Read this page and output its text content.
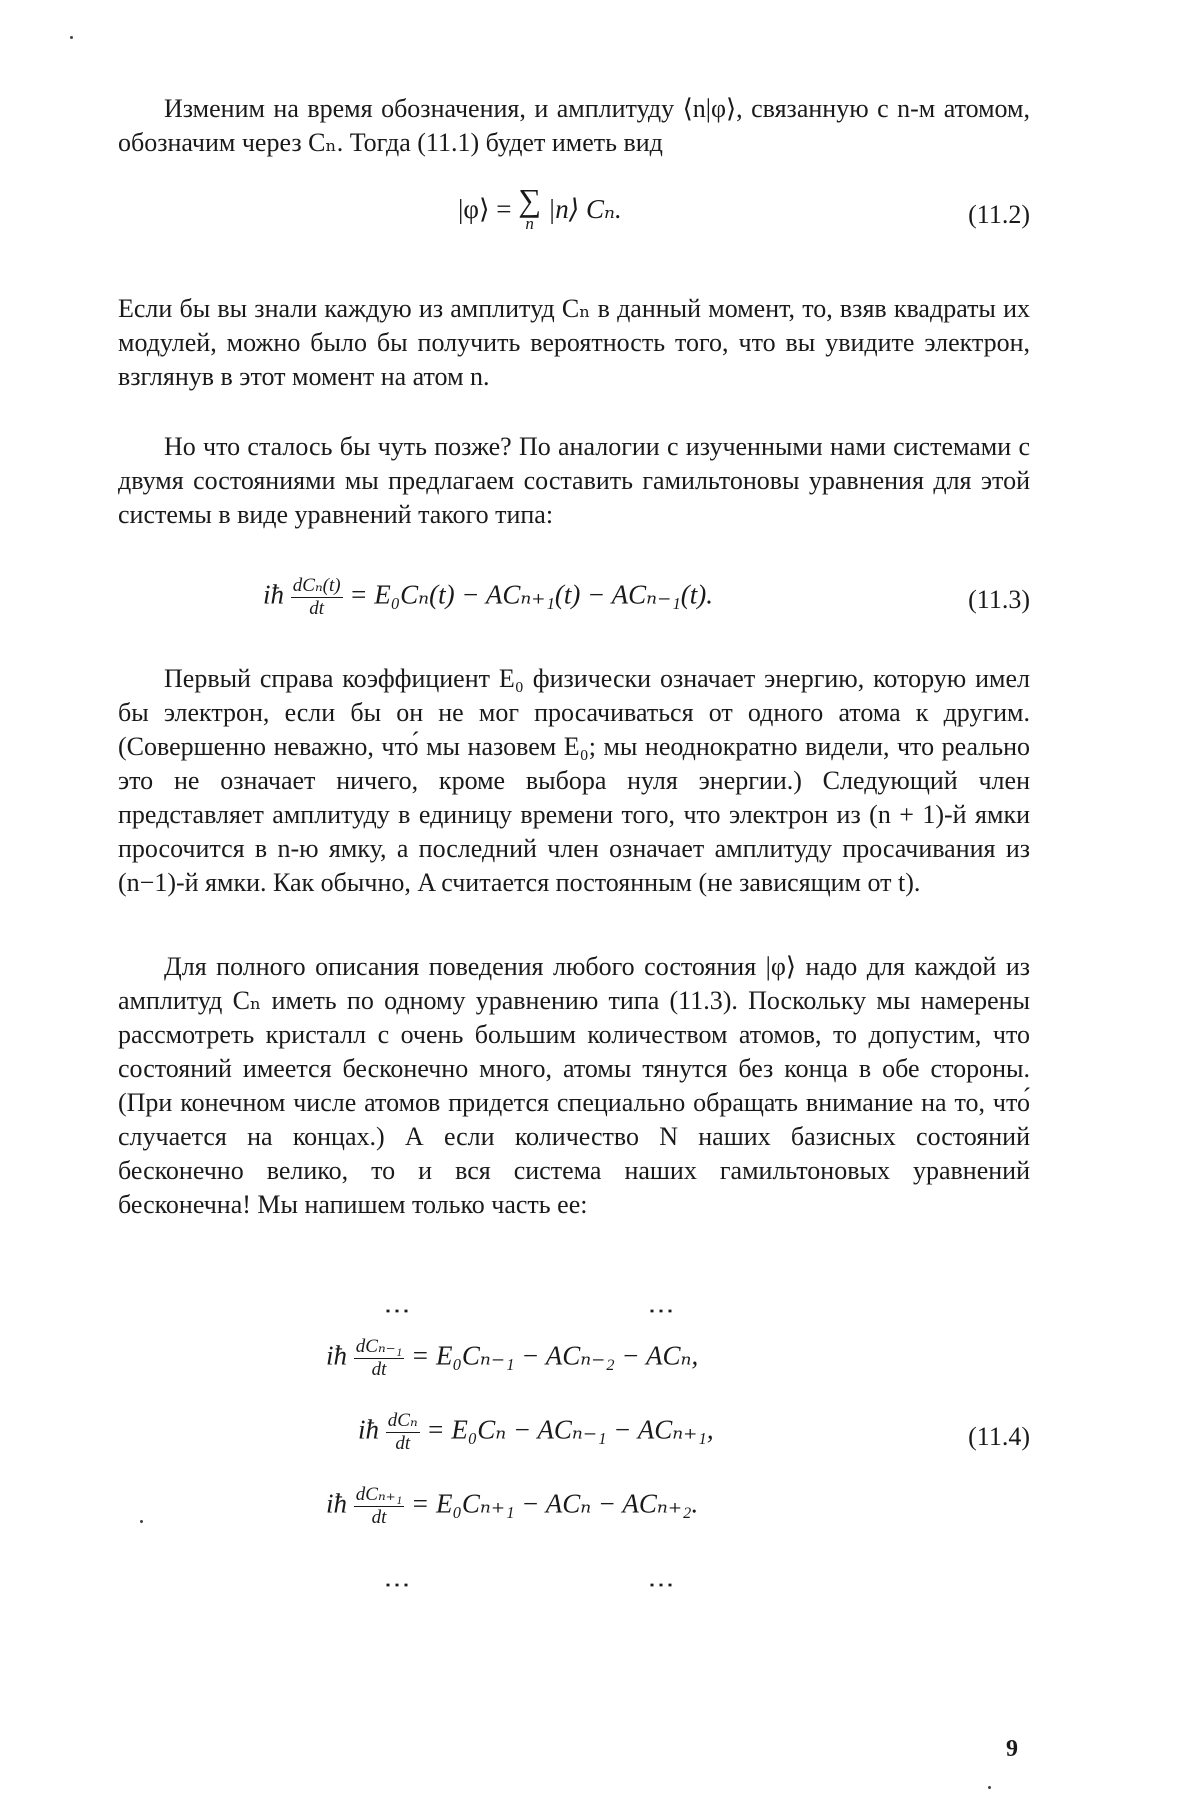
Изменим на время обозначения, и амплитуду ⟨n|φ⟩, связанную с n-м атомом, обозначим через Cₙ. Тогда (11.1) будет иметь вид

|φ⟩ = ∑
n |n⟩ Cₙ.	(11.2)

Если бы вы знали каждую из амплитуд Cₙ в данный момент, то, взяв квадраты их модулей, можно было бы получить вероятность того, что вы увидите электрон, взглянув в этот момент на атом n.

Но что сталось бы чуть позже? По аналогии с изученными нами системами с двумя состояниями мы предлагаем составить гамильтоновы уравнения для этой системы в виде уравнений такого типа:

iħ $\frac{\text{dCₙ(t)}}{dt} = E_0C_n(t) - AC_{n+1}(t) - AC_{n-1}(t)$.	(11.3)

Первый справа коэффициент E₀ физически означает энергию, которую имел бы электрон, если бы он не мог просачиваться от одного атома к другим. (Совершенно неважно, что́ мы назовем E₀; мы неоднократно видели, что реально это не означает ничего, кроме выбора нуля энергии.) Следующий член представляет амплитуду в единицу времени того, что электрон из (n + 1)-й ямки просочится в n-ю ямку, а последний член означает амплитуду просачивания из (n−1)-й ямки. Как обычно, A считается постоянным (не зависящим от t).

Для полного описания поведения любого состояния |φ⟩ надо для каждой из амплитуд Cₙ иметь по одному уравнению типа (11.3). Поскольку мы намерены рассмотреть кристалл с очень большим количеством атомов, то допустим, что состояний имеется бесконечно много, атомы тянутся без конца в обе стороны. (При конечном числе атомов придется специально обращать внимание на то, что́ случается на концах.) А если количество N наших базисных состояний бесконечно велико, то и вся система наших гамильтоновых уравнений бесконечна! Мы напишем только часть ее:

⋮	⋮
iħ $\frac{\text{dCₙ₋₁}}{dt} = E_0C_{n-1} - AC_{n-2} - AC_n$,
iħ $\frac{\text{dCₙ}}{dt} = E_0C_n - AC_{n-1} - AC_{n+1}$,	(11.4)
iħ $\frac{\text{dCₙ₊₁}}{dt} = E_0C_{n+1} - AC_n - AC_{n+2}$.
⋮	⋮
9
